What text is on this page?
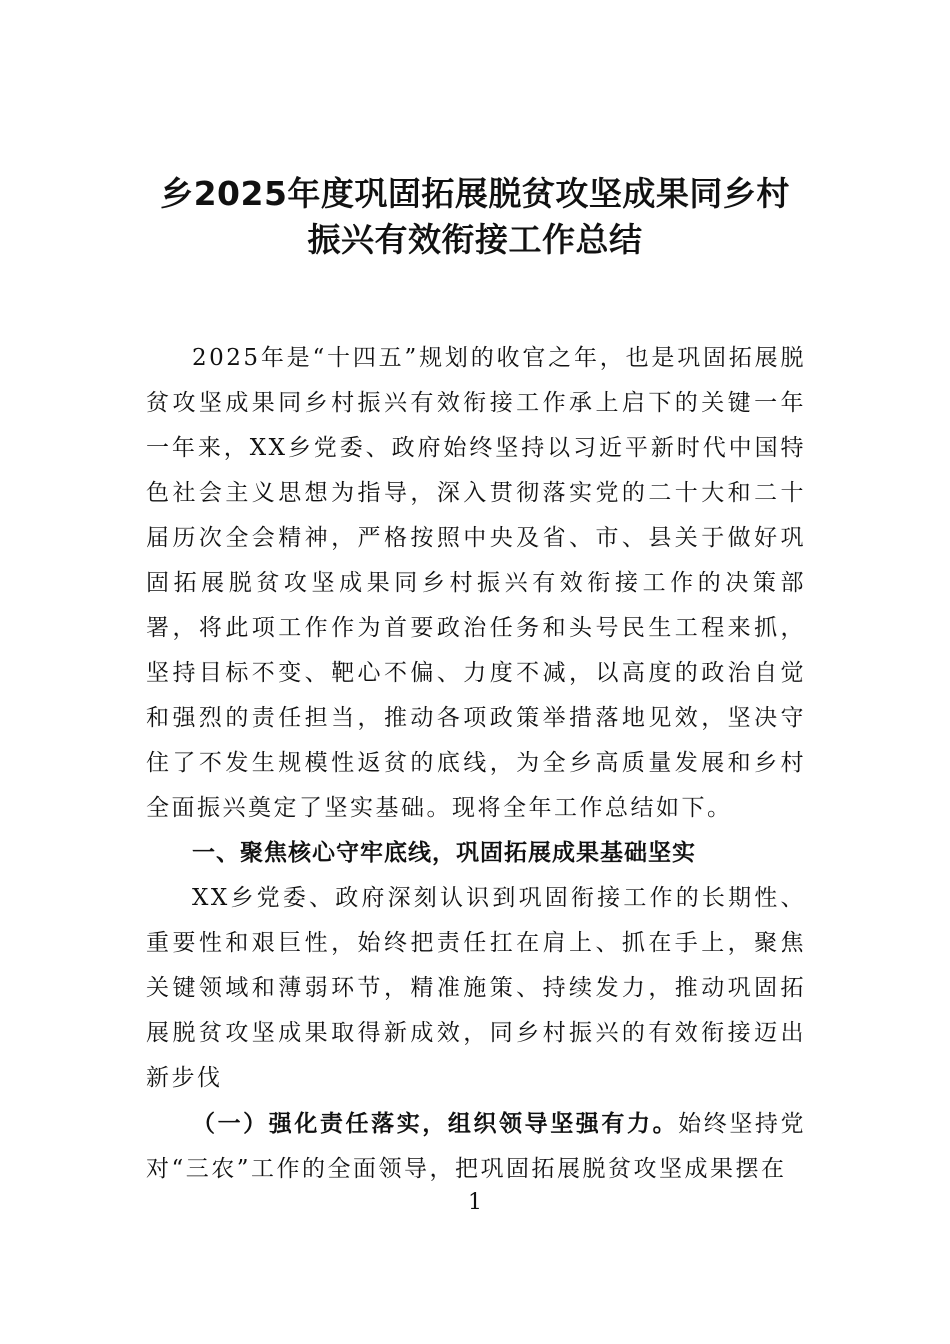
乡2025年度巩固拓展脱贫攻坚成果同乡村
振兴有效衔接工作总结

2025年是“十四五”规划的收官之年，也是巩固拓展脱贫攻坚成果同乡村振兴有效衔接工作承上启下的关键一年一年来，XX乡党委、政府始终坚持以习近平新时代中国特色社会主义思想为指导，深入贯彻落实党的二十大和二十届历次全会精神，严格按照中央及省、市、县关于做好巩固拓展脱贫攻坚成果同乡村振兴有效衔接工作的决策部署，将此项工作作为首要政治任务和头号民生工程来抓，坚持目标不变、靶心不偏、力度不减，以高度的政治自觉和强烈的责任担当，推动各项政策举措落地见效，坚决守住了不发生规模性返贫的底线，为全乡高质量发展和乡村全面振兴奠定了坚实基础。现将全年工作总结如下。

一、聚焦核心守牢底线，巩固拓展成果基础坚实

XX乡党委、政府深刻认识到巩固衔接工作的长期性、重要性和艰巨性，始终把责任扛在肩上、抓在手上，聚焦关键领域和薄弱环节，精准施策、持续发力，推动巩固拓展脱贫攻坚成果取得新成效，同乡村振兴的有效衔接迈出新步伐

（一）强化责任落实，组织领导坚强有力。始终坚持党对“三农”工作的全面领导，把巩固拓展脱贫攻坚成果摆在

1
